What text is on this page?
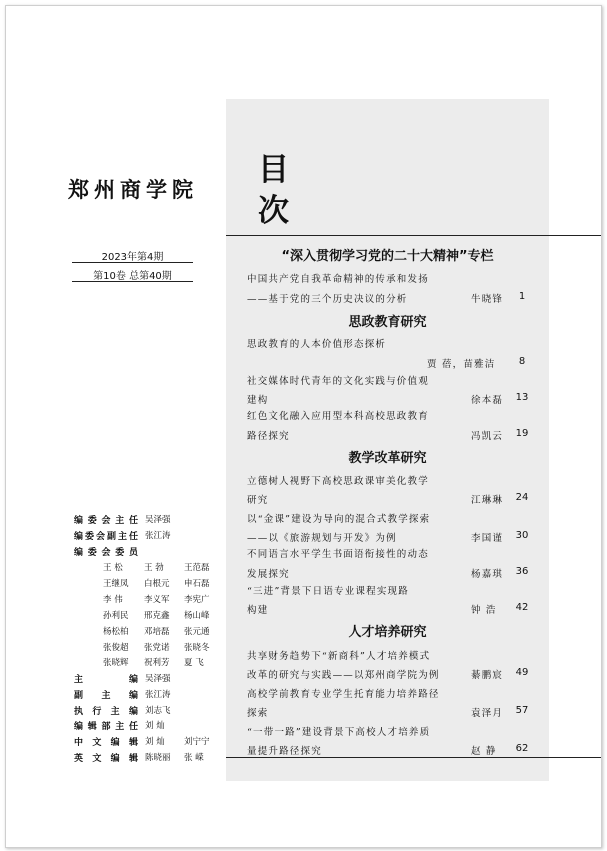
郑州商学院
目
次
2023年第4期
第10卷 总第40期
“深入贯彻学习党的二十大精神”专栏
中国共产党自我革命精神的传承和发扬
——基于党的三个历史决议的分析	牛晓锋	1
思政教育研究
思政教育的人本价值形态探析
贾 蓓，苗雅洁	8
社交媒体时代青年的文化实践与价值观
建构	徐本磊	13
红色文化融入应用型本科高校思政教育
路径探究	冯凯云	19
教学改革研究
立德树人视野下高校思政课审美化教学
研究	江琳琳	24
以“金课”建设为导向的混合式教学探索
——以《旅游规划与开发》为例	李国谨	30
不同语言水平学生书面语衔接性的动态
发展探究	杨嘉琪	36
“三进”背景下日语专业课程实现路
构建	钟 浩	42
人才培养研究
共享财务趋势下“新商科”人才培养模式
改革的研究与实践——以郑州商学院为例	綦鹏宸	49
高校学前教育专业学生托育能力培养路径
探索	袁泽月	57
“一带一路”建设背景下高校人才培养质
量提升路径探究	赵 静	62
编委会主任 吴泽强
编委会副主任 张江涛
编委会委员
王 松	王 勃 王范磊
王继凤 白根元 申石磊
李 伟	李义军 李宪广
孙利民 邢克鑫 杨山峰
杨松柏 邓培磊 张元通
张俊超 张党诺 张晓冬
张晓辉 祝利芳 夏 飞
主编 吴泽强
副主编 张江涛
执行主编 刘志飞
编辑部主任 刘 灿
中文编辑 刘 灿 刘宁宁
英文编辑 陈晓丽 张 嵘
